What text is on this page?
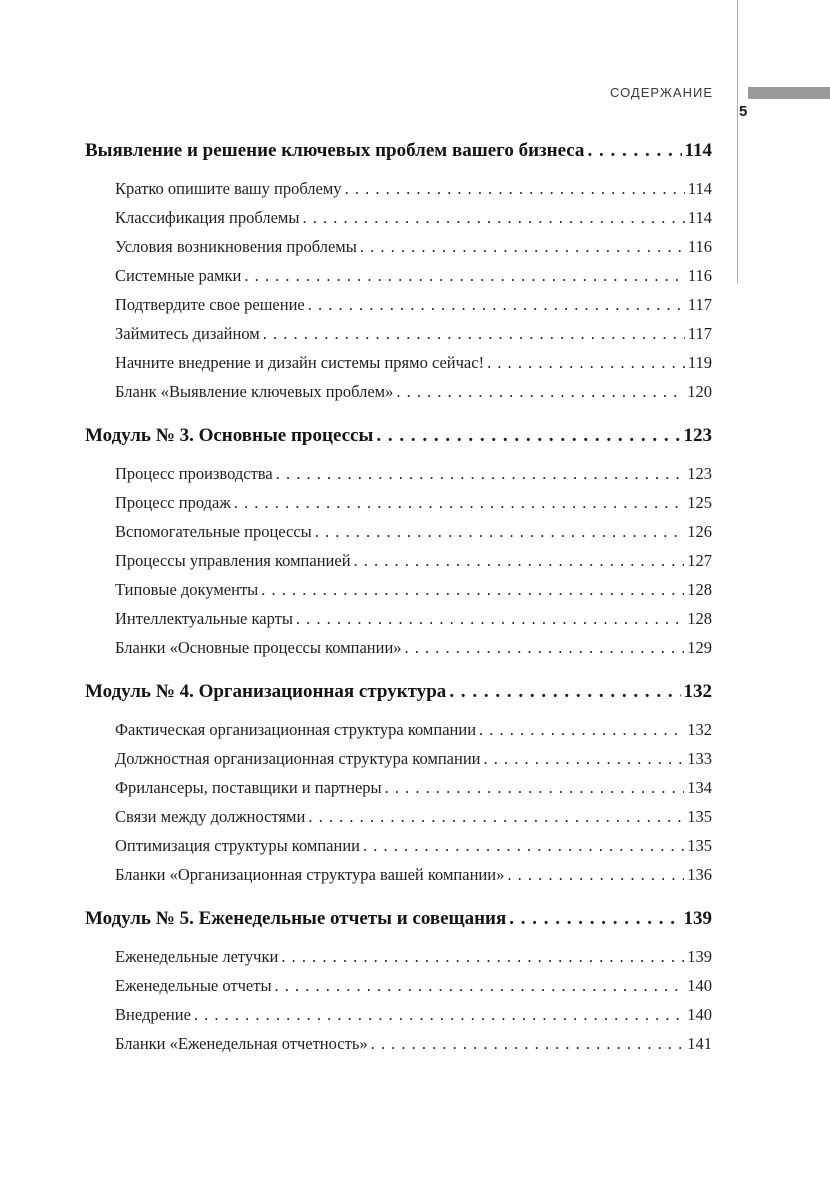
СОДЕРЖАНИЕ
5
Выявление и решение ключевых проблем вашего бизнеса . . .	114
Кратко опишите вашу проблему . . .	114
Классификация проблемы . . .	114
Условия возникновения проблемы . . .	116
Системные рамки . . .	116
Подтвердите свое решение . . .	117
Займитесь дизайном . . .	117
Начните внедрение и дизайн системы прямо сейчас! . . .	119
Бланк «Выявление ключевых проблем» . . .	120
Модуль № 3. Основные процессы . . .	123
Процесс производства . . .	123
Процесс продаж . . .	125
Вспомогательные процессы . . .	126
Процессы управления компанией . . .	127
Типовые документы . . .	128
Интеллектуальные карты . . .	128
Бланки «Основные процессы компании» . . .	129
Модуль № 4. Организационная структура . . .	132
Фактическая организационная структура компании . . .	132
Должностная организационная структура компании . . .	133
Фрилансеры, поставщики и партнеры . . .	134
Связи между должностями . . .	135
Оптимизация структуры компании . . .	135
Бланки «Организационная структура вашей компании» . . .	136
Модуль № 5. Еженедельные отчеты и совещания . . .	139
Еженедельные летучки . . .	139
Еженедельные отчеты . . .	140
Внедрение . . .	140
Бланки «Еженедельная отчетность» . . .	141
